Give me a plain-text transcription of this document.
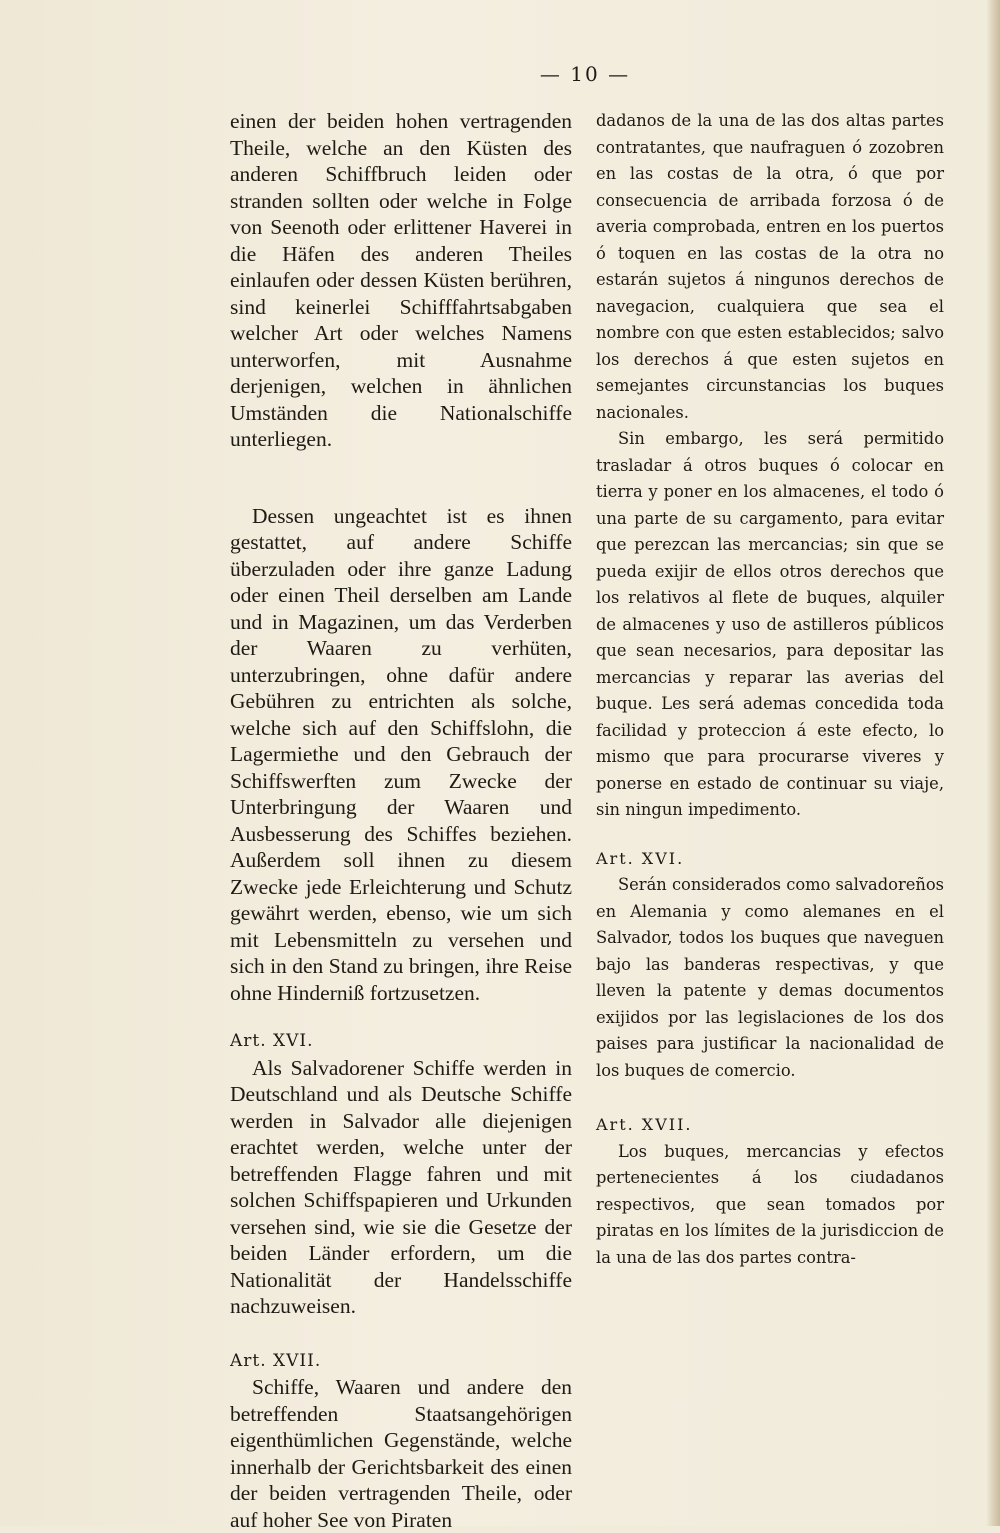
— 10 —

einen der beiden hohen vertragenden Theile, welche an den Küsten des anderen Schiffbruch leiden oder stranden sollten oder welche in Folge von Seenoth oder erlittener Haverei in die Häfen des anderen Theiles einlaufen oder dessen Küsten berühren, sind keinerlei Schifffahrtsabgaben welcher Art oder welches Namens unterworfen, mit Ausnahme derjenigen, welchen in ähnlichen Umständen die Nationalschiffe unterliegen.

Dessen ungeachtet ist es ihnen gestattet, auf andere Schiffe überzuladen oder ihre ganze Ladung oder einen Theil derselben am Lande und in Magazinen, um das Verderben der Waaren zu verhüten, unterzubringen, ohne dafür andere Gebühren zu entrichten als solche, welche sich auf den Schiffslohn, die Lagermiethe und den Gebrauch der Schiffswerften zum Zwecke der Unterbringung der Waaren und Ausbesserung des Schiffes beziehen. Außerdem soll ihnen zu diesem Zwecke jede Erleichterung und Schutz gewährt werden, ebenso, wie um sich mit Lebensmitteln zu versehen und sich in den Stand zu bringen, ihre Reise ohne Hinderniß fortzusetzen.

Art. XVI.

Als Salvadorener Schiffe werden in Deutschland und als Deutsche Schiffe werden in Salvador alle diejenigen erachtet werden, welche unter der betreffenden Flagge fahren und mit solchen Schiffspapieren und Urkunden versehen sind, wie sie die Gesetze der beiden Länder erfordern, um die Nationalität der Handelsschiffe nachzuweisen.

Art. XVII.

Schiffe, Waaren und andere den betreffenden Staatsangehörigen eigenthümlichen Gegenstände, welche innerhalb der Gerichtsbarkeit des einen der beiden vertragenden Theile, oder auf hoher See von Piraten

dadanos de la una de las dos altas partes contratantes, que naufraguen ó zozobren en las costas de la otra, ó que por consecuencia de arribada forzosa ó de averia comprobada, entren en los puertos ó toquen en las costas de la otra no estarán sujetos á ningunos derechos de navegacion, cualquiera que sea el nombre con que esten establecidos; salvo los derechos á que esten sujetos en semejantes circunstancias los buques nacionales.

Sin embargo, les será permitido trasladar á otros buques ó colocar en tierra y poner en los almacenes, el todo ó una parte de su cargamento, para evitar que perezcan las mercancias; sin que se pueda exijir de ellos otros derechos que los relativos al flete de buques, alquiler de almacenes y uso de astilleros públicos que sean necesarios, para depositar las mercancias y reparar las averias del buque. Les será ademas concedida toda facilidad y proteccion á este efecto, lo mismo que para procurarse viveres y ponerse en estado de continuar su viaje, sin ningun impedimento.

Art. XVI.

Serán considerados como salvadoreños en Alemania y como alemanes en el Salvador, todos los buques que naveguen bajo las banderas respectivas, y que lleven la patente y demas documentos exijidos por las legislaciones de los dos paises para justificar la nacionalidad de los buques de comercio.

Art. XVII.

Los buques, mercancias y efectos pertenecientes á los ciudadanos respectivos, que sean tomados por piratas en los límites de la jurisdiccion de la una de las dos partes contra-
